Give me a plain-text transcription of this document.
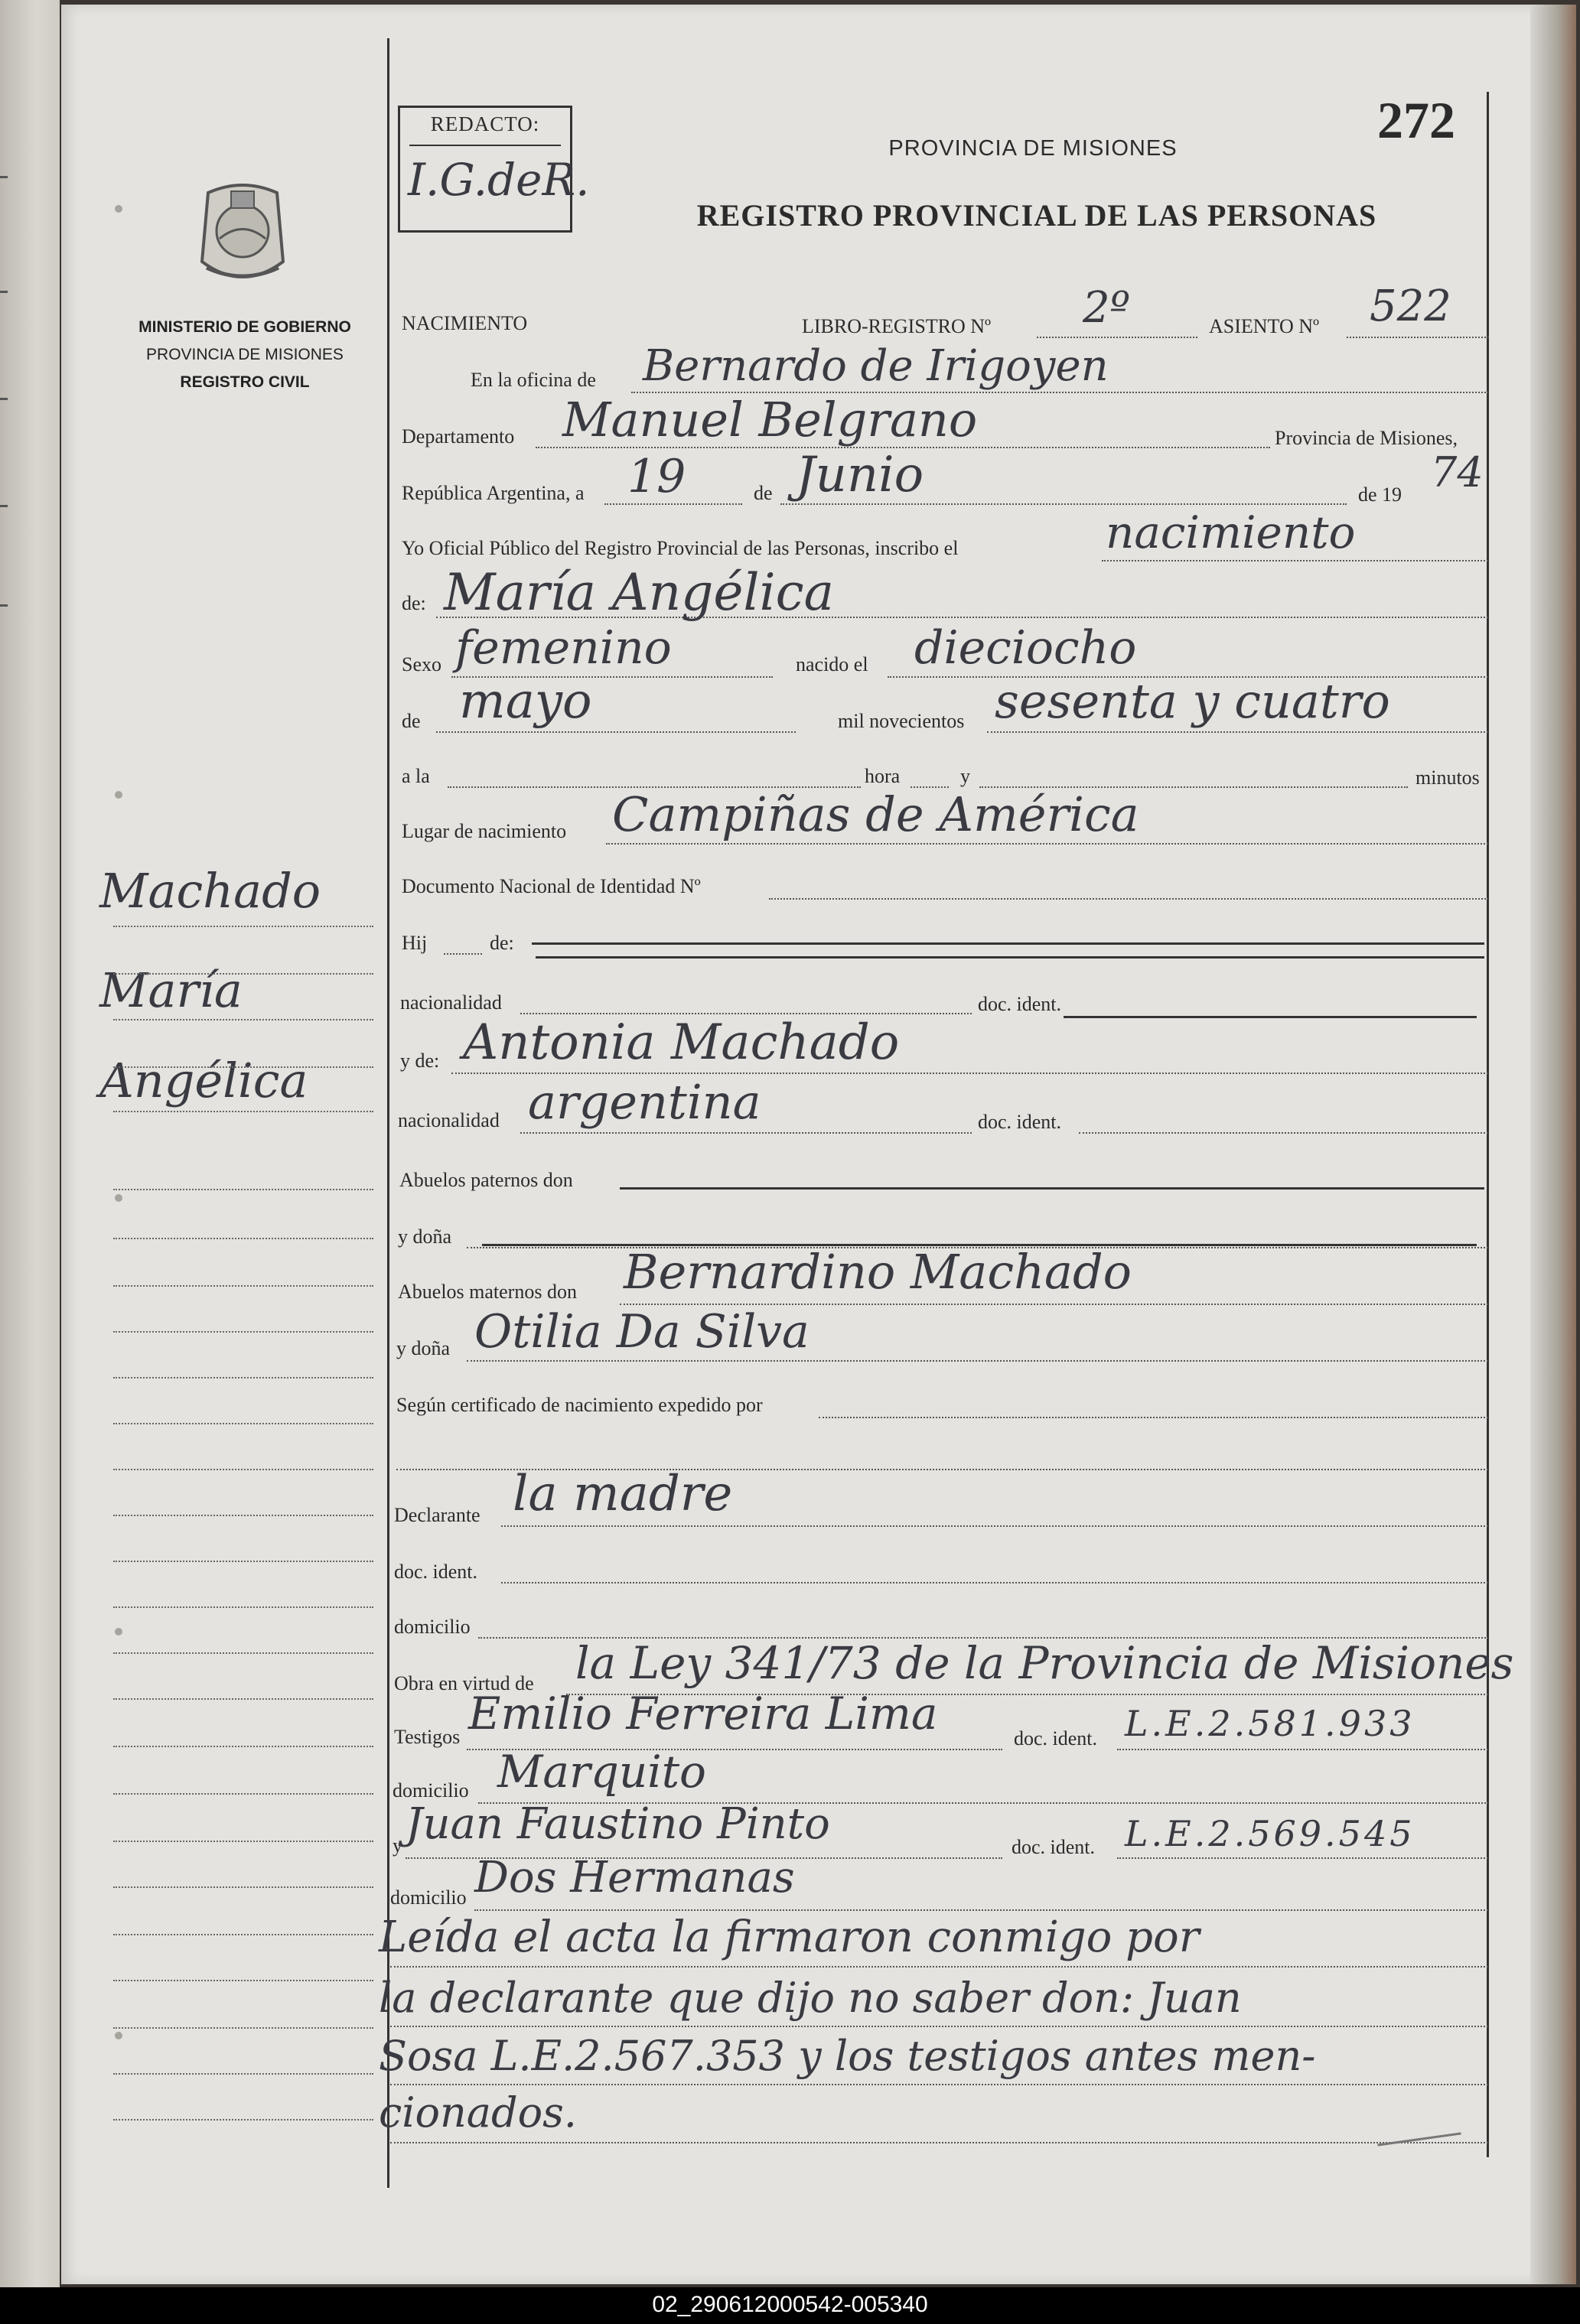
MINISTERIO DE GOBIERNO
PROVINCIA DE MISIONES
REGISTRO CIVIL
REDACTO:
I.G.deR.
272
PROVINCIA DE MISIONES
REGISTRO PROVINCIAL DE LAS PERSONAS
NACIMIENTO	LIBRO-REGISTRO Nº 2º	ASIENTO Nº 522
En la oficina de Bernardo de Irigoyen
Departamento Manuel Belgrano	Provincia de Misiones,
República Argentina, a 19	de Junio	de 19 74
Yo Oficial Público del Registro Provincial de las Personas, inscribo el	nacimiento
de: María Angélica
Sexo femenino	nacido el dieciocho
de mayo	mil novecientos sesenta y cuatro
a la	hora	y	minutos
Lugar de nacimiento Campiñas de América
Documento Nacional de Identidad Nº
Hij	de:
nacionalidad	doc. ident.
y de: Antonia Machado
nacionalidad argentina	doc. ident.
Abuelos paternos don
y doña
Abuelos maternos don Bernardino Machado
y doña Otilia Da Silva
Según certificado de nacimiento expedido por
Declarante la madre
doc. ident.
domicilio
Obra en virtud de la Ley 341/73 de la Provincia de Misiones
Testigos Emilio Ferreira Lima	doc. ident. L.E.2.581.933
domicilio Marquito
y Juan Faustino Pinto	doc. ident. L.E.2.569.545
domicilio Dos Hermanas
Leída el acta la firmaron conmigo por
la declarante que dijo no saber don: Juan
Sosa L.E.2.567.353 y los testigos antes men-
cionados.
Machado
María
Angélica
02_290612000542-005340
